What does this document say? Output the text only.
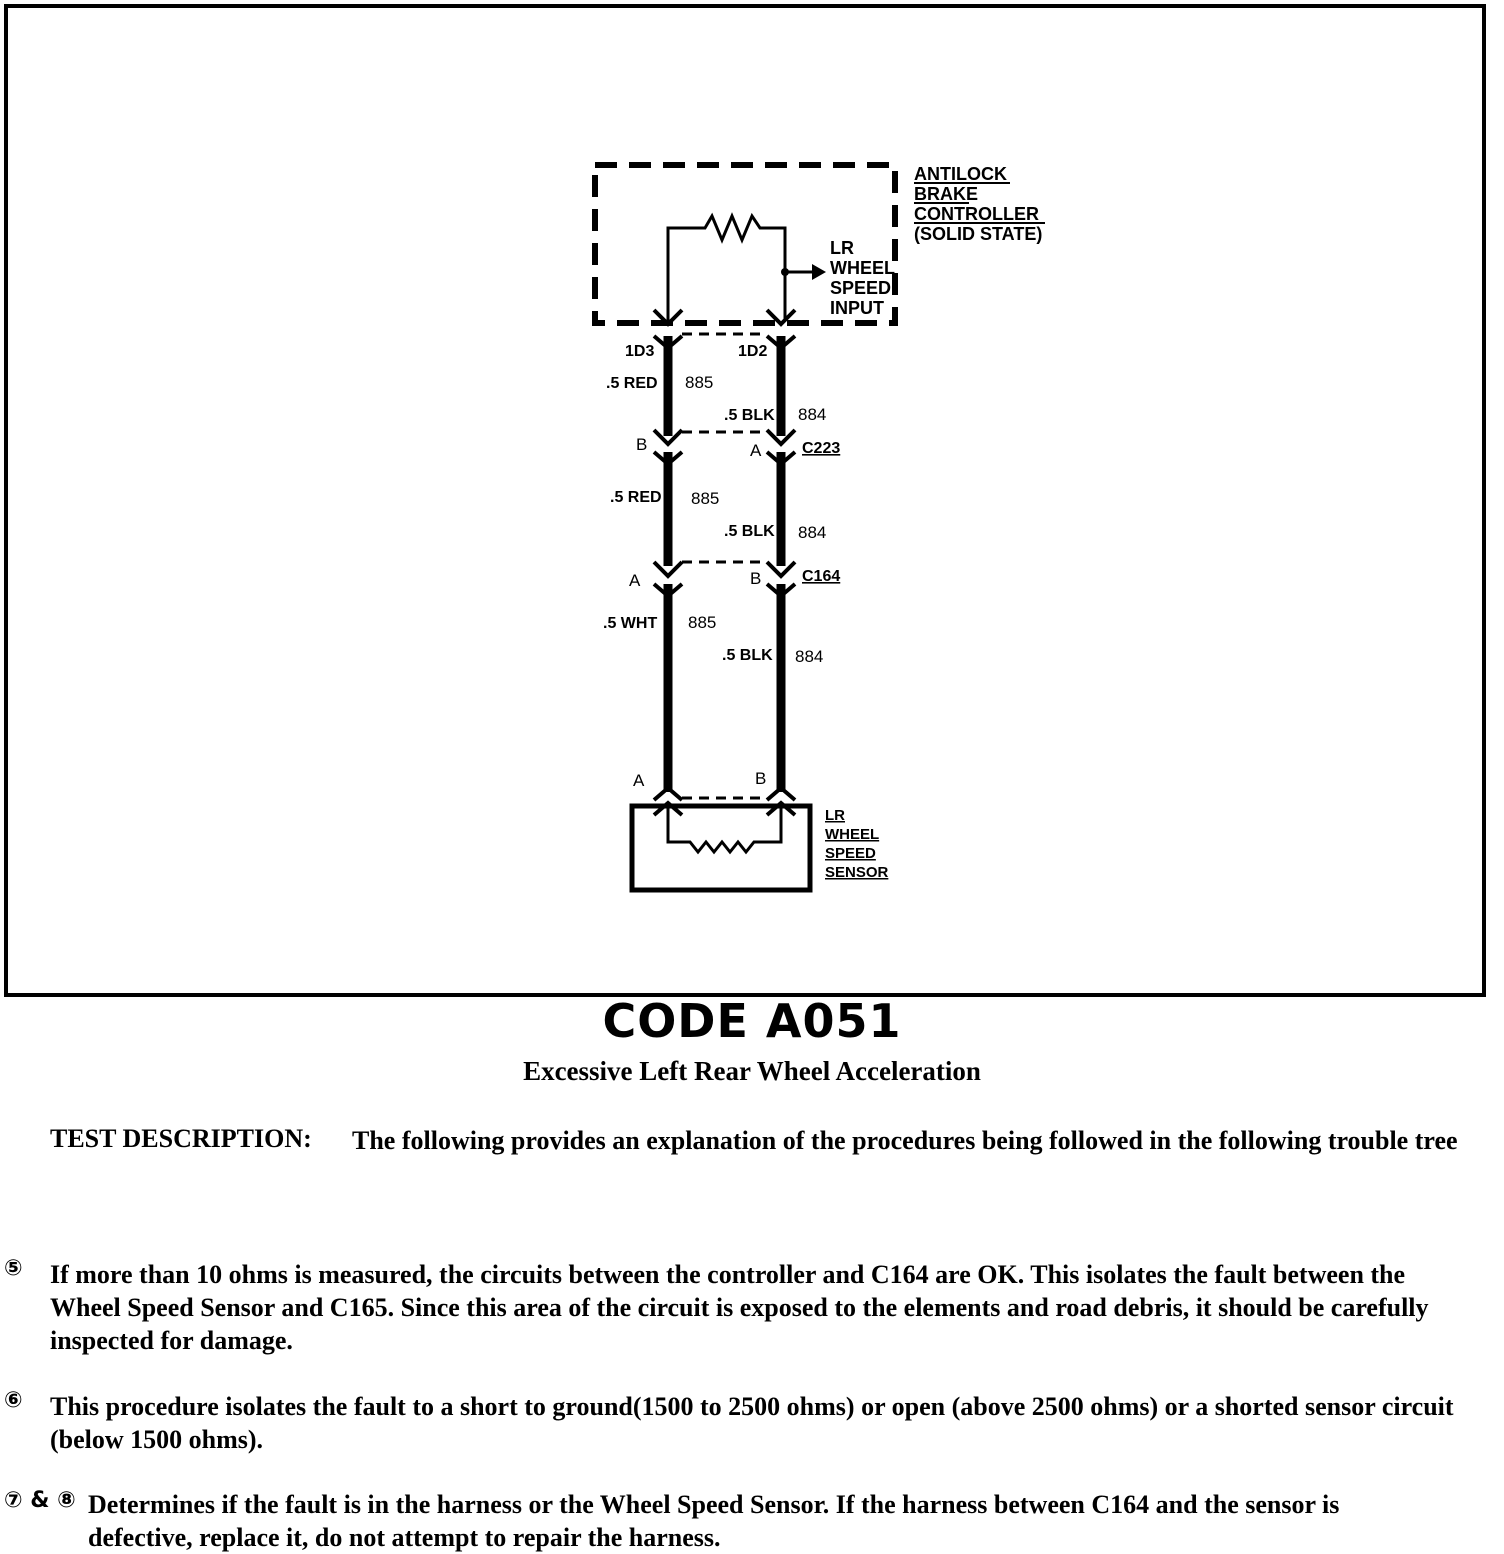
ANTILOCK
BRAKE
CONTROLLER
(SOLID STATE)
LR
WHEEL
SPEED
INPUT
1D3	1D2
.5 RED 885
.5 BLK 884
B	A	C223
.5 RED 885
.5 BLK 884
A	B	C164
.5 WHT 885
.5 BLK 884
A	B
LR
WHEEL
SPEED
SENSOR
CODE A051
Excessive Left Rear Wheel Acceleration
TEST DESCRIPTION: The following provides an explanation of the procedures being followed in the following trouble tree
⑤ If more than 10 ohms is measured, the circuits between the controller and C164 are OK. This isolates the fault between the Wheel Speed Sensor and C165. Since this area of the circuit is exposed to the elements and road debris, it should be carefully inspected for damage.
⑥ This procedure isolates the fault to a short to ground(1500 to 2500 ohms) or open (above 2500 ohms) or a shorted sensor circuit (below 1500 ohms).
⑦ & ⑧ Determines if the fault is in the harness or the Wheel Speed Sensor. If the harness between C164 and the sensor is defective, replace it, do not attempt to repair the harness.
